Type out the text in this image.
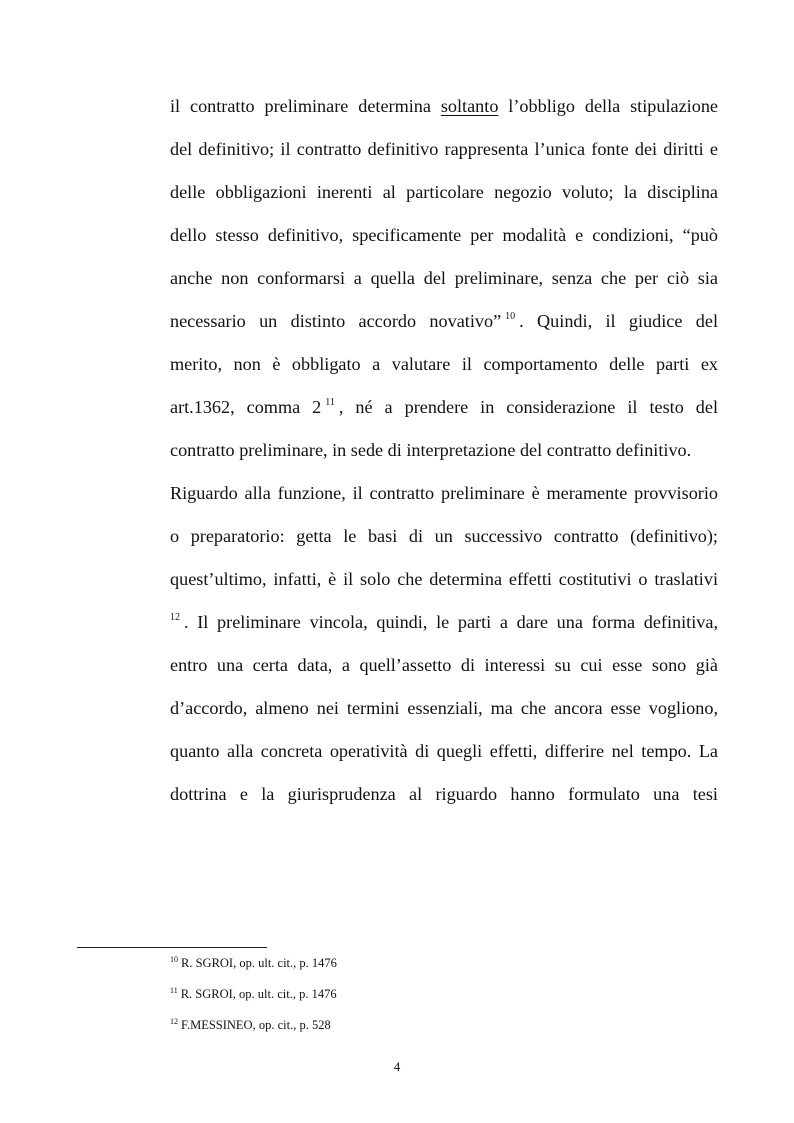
il contratto preliminare determina soltanto l’obbligo della stipulazione
del definitivo; il contratto definitivo rappresenta l’unica fonte dei diritti e
delle obbligazioni inerenti al particolare negozio voluto; la disciplina
dello stesso definitivo, specificamente per modalità e condizioni, “può
anche non conformarsi a quella del preliminare, senza che per ciò sia
necessario un distinto accordo novativo” $^{10}$ . Quindi, il giudice del
merito, non è obbligato a valutare il comportamento delle parti ex
art.1362, comma 2 $^{11}$ , né a prendere in considerazione il testo del
contratto preliminare, in sede di interpretazione del contratto definitivo.
Riguardo alla funzione, il contratto preliminare è meramente provvisorio
o preparatorio: getta le basi di un successivo contratto (definitivo);
quest’ultimo, infatti, è il solo che determina effetti costitutivi o traslativi
$^{12}$ . Il preliminare vincola, quindi, le parti a dare una forma definitiva,
entro una certa data, a quell’assetto di interessi su cui esse sono già
d’accordo, almeno nei termini essenziali, ma che ancora esse vogliono,
quanto alla concreta operatività di quegli effetti, differire nel tempo. La
dottrina e la giurisprudenza al riguardo hanno formulato una tesi
$^{10}$ R. SGROI, op. ult. cit., p. 1476
$^{11}$ R. SGROI, op. ult. cit., p. 1476
$^{12}$ F.MESSINEO, op. cit., p. 528
4
